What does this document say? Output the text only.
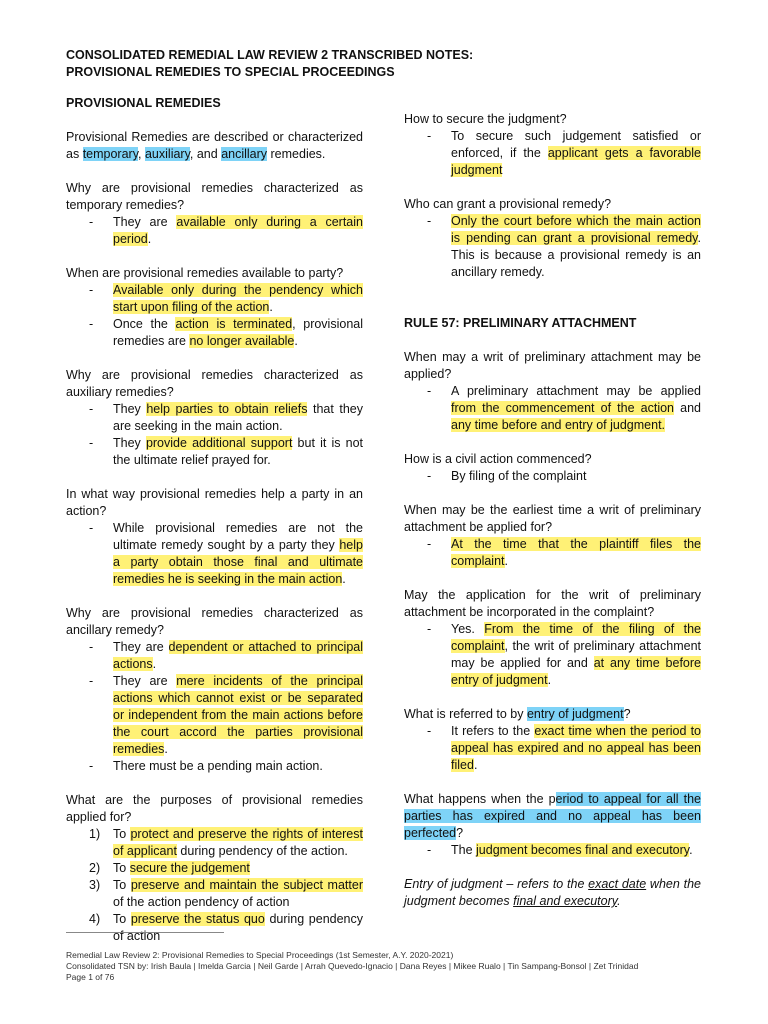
CONSOLIDATED REMEDIAL LAW REVIEW 2 TRANSCRIBED NOTES:
PROVISIONAL REMEDIES TO SPECIAL PROCEEDINGS

PROVISIONAL REMEDIES

Provisional Remedies are described or characterized as temporary, auxiliary, and ancillary remedies.

Why are provisional remedies characterized as temporary remedies?

- They are available only during a certain period.

When are provisional remedies available to party?

- Available only during the pendency which start upon filing of the action.
- Once the action is terminated, provisional remedies are no longer available.

Why are provisional remedies characterized as auxiliary remedies?

- They help parties to obtain reliefs that they are seeking in the main action.
- They provide additional support but it is not the ultimate relief prayed for.

In what way provisional remedies help a party in an action?

- While provisional remedies are not the ultimate remedy sought by a party they help a party obtain those final and ultimate remedies he is seeking in the main action.

Why are provisional remedies characterized as ancillary remedy?

- They are dependent or attached to principal actions.
- They are mere incidents of the principal actions which cannot exist or be separated or independent from the main actions before the court accord the parties provisional remedies.
- There must be a pending main action.

What are the purposes of provisional remedies applied for?

1) To protect and preserve the rights of interest of applicant during pendency of the action.
2) To secure the judgement
3) To preserve and maintain the subject matter of the action pendency of action
4) To preserve the status quo during pendency of action

How to secure the judgment?

- To secure such judgement satisfied or enforced, if the applicant gets a favorable judgment

Who can grant a provisional remedy?

- Only the court before which the main action is pending can grant a provisional remedy. This is because a provisional remedy is an ancillary remedy.

RULE 57: PRELIMINARY ATTACHMENT

When may a writ of preliminary attachment may be applied?

- A preliminary attachment may be applied from the commencement of the action and any time before and entry of judgment.

How is a civil action commenced?

- By filing of the complaint

When may be the earliest time a writ of preliminary attachment be applied for?

- At the time that the plaintiff files the complaint.

May the application for the writ of preliminary attachment be incorporated in the complaint?

- Yes. From the time of the filing of the complaint, the writ of preliminary attachment may be applied for and at any time before entry of judgment.

What is referred to by entry of judgment?

- It refers to the exact time when the period to appeal has expired and no appeal has been filed.

What happens when the period to appeal for all the parties has expired and no appeal has been perfected?

- The judgment becomes final and executory.

Entry of judgment – refers to the exact date when the judgment becomes final and executory.

Remedial Law Review 2: Provisional Remedies to Special Proceedings (1st Semester, A.Y. 2020-2021)
Consolidated TSN by: Irish Baula | Imelda Garcia | Neil Garde | Arrah Quevedo-Ignacio | Dana Reyes | Mikee Rualo | Tin Sampang-Bonsol | Zet Trinidad
Page 1 of 76
